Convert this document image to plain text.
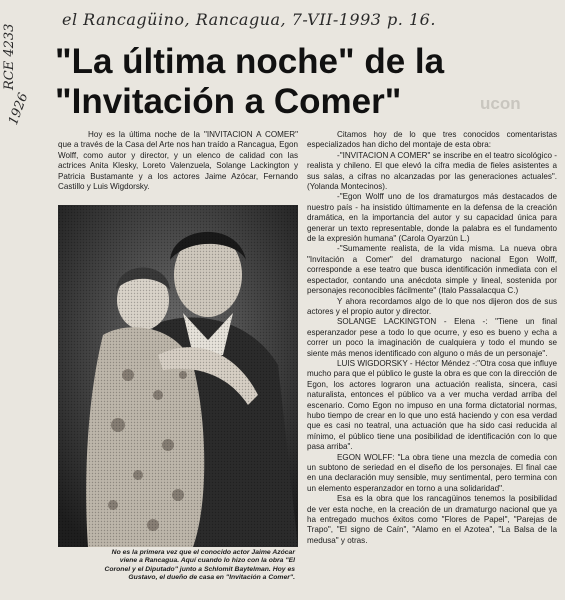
el Rancagüino, Rancagua, 7-VII-1993 p. 16.
RCE 4233
1926	ucon
"La última noche" de la
"Invitación a Comer"

Hoy es la última noche de la "INVITACION A COMER" que a través de la Casa del Arte nos han traído a Rancagua, Egon Wolff, como autor y director, y un elenco de calidad con las actrices Anita Klesky, Loreto Valenzuela, Solange Lackington y Patricia Bustamante y a los actores Jaime Azócar, Fernando Castillo y Luis Wigdorsky.

No es la primera vez que el conocido actor Jaime Azócar viene a Rancagua. Aquí cuando lo hizo con la obra "El Coronel y el Diputado" junto a Schlomit Baytelman. Hoy es Gustavo, el dueño de casa en "Invitación a Comer".

Citamos hoy de lo que tres conocidos comentaristas especializados han dicho del montaje de esta obra:

-"INVITACION A COMER" se inscribe en el teatro sicológico -realista y chileno. El que elevó la cifra media de fieles asistentes a sus salas, a cifras no alcanzadas por las generaciones actuales". (Yolanda Montecinos).

-"Egon Wolff uno de los dramaturgos más destacados de nuestro país - ha insistido últimamente en la defensa de la creación dramática, en la importancia del autor y su capacidad única para generar un texto representable, donde la palabra es el fundamento de la expresión humana" (Carola Oyarzún L.)

-"Sumamente realista, de la vida misma. La nueva obra "Invitación a Comer" del dramaturgo nacional Egon Wolff, corresponde a ese teatro que busca identificación inmediata con el espectador, contando una anécdota simple y lineal, sostenida por personajes reconocibles fácilmente" (Italo Passalacqua C.)

Y ahora recordamos algo de lo que nos dijeron dos de sus actores y el propio autor y director.

SOLANGE LACKINGTON - Elena -: "Tiene un final esperanzador pese a todo lo que ocurre, y eso es bueno y echa a correr un poco la imaginación de cualquiera y todo el mundo se siente más menos identificado con alguno o más de un personaje".

LUIS WIGDORSKY - Héctor Méndez -:"Otra cosa que influye mucho para que el público le guste la obra es que con la dirección de Egon, los actores lograron una actuación realista, sincera, casi naturalista, entonces el público va a ver mucha verdad arriba del escenario. Como Egon no impuso en una forma dictatorial normas, hubo tiempo de crear en lo que uno está haciendo y con esa verdad que es casi no teatral, una actuación que ha sido casi reducida al mínimo, el público tiene una posibilidad de identificación con lo que pasa arriba".

EGON WOLFF: "La obra tiene una mezcla de comedia con un subtono de seriedad en el diseño de los personajes. El final cae en una declaración muy sensible, muy sentimental, pero termina con un elemento esperanzador en torno a una solidaridad".

Esa es la obra que los rancagüinos tenemos la posibilidad de ver esta noche, en la creación de un dramaturgo nacional que ya ha entregado muchos éxitos como "Flores de Papel", "Parejas de Trapo", "El signo de Caín", "Alamo en el Azotea", "La Balsa de la medusa" y otras.
